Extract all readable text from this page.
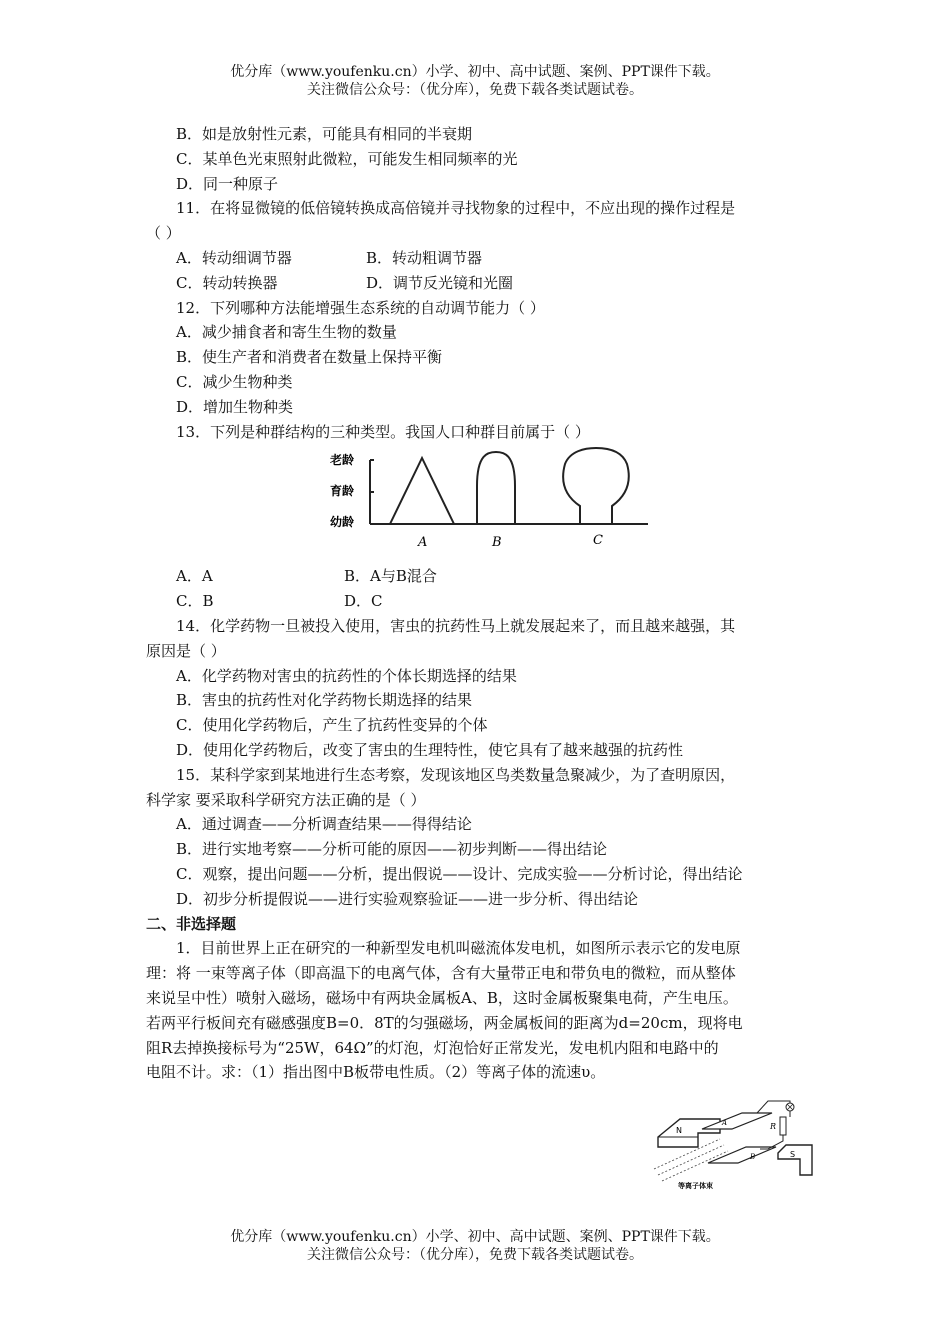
优分库（www.youfenku.cn）小学、初中、高中试题、案例、PPT课件下载。
关注微信公众号：（优分库），免费下载各类试题试卷。
B．如是放射性元素，可能具有相同的半衰期
C．某单色光束照射此微粒，可能发生相同频率的光
D．同一种原子
11．在将显微镜的低倍镜转换成高倍镜并寻找物象的过程中，不应出现的操作过程是
（ ）
A．转动细调节器	B．转动粗调节器
C．转动转换器	D．调节反光镜和光圈
12．下列哪种方法能增强生态系统的自动调节能力（ ）
A．减少捕食者和寄生生物的数量
B．使生产者和消费者在数量上保持平衡
C．减少生物种类
D．增加生物种类
13．下列是种群结构的三种类型。我国人口种群目前属于（ ）
老龄
育龄
幼龄
A	B	C
A．A	B．A与B混合
C．B	D．C
14．化学药物一旦被投入使用，害虫的抗药性马上就发展起来了，而且越来越强，其
原因是（ ）
A．化学药物对害虫的抗药性的个体长期选择的结果
B．害虫的抗药性对化学药物长期选择的结果
C．使用化学药物后，产生了抗药性变异的个体
D．使用化学药物后，改变了害虫的生理特性，使它具有了越来越强的抗药性
15．某科学家到某地进行生态考察，发现该地区鸟类数量急聚减少，为了查明原因，
科学家 要采取科学研究方法正确的是（ ）
A．通过调查——分析调查结果——得得结论
B．进行实地考察——分析可能的原因——初步判断——得出结论
C．观察，提出问题——分析，提出假说——设计、完成实验——分析讨论，得出结论
D．初步分析提假说——进行实验观察验证——进一步分析、得出结论
二、非选择题
1．目前世界上正在研究的一种新型发电机叫磁流体发电机，如图所示表示它的发电原
理：将 一束等离子体（即高温下的电离气体，含有大量带正电和带负电的微粒，而从整体
来说呈中性）喷射入磁场，磁场中有两块金属板A、B，这时金属板聚集电荷，产生电压。
若两平行板间充有磁感强度B=0．8T的匀强磁场，两金属板间的距离为d=20cm，现将电
阻R去掉换接标号为“25W，64Ω”的灯泡，灯泡恰好正常发光，发电机内阻和电路中的
电阻不计。求：（1）指出图中B板带电性质。（2）等离子体的流速υ。
N
A
B	S
R
等离子体束
优分库（www.youfenku.cn）小学、初中、高中试题、案例、PPT课件下载。
关注微信公众号：（优分库），免费下载各类试题试卷。
